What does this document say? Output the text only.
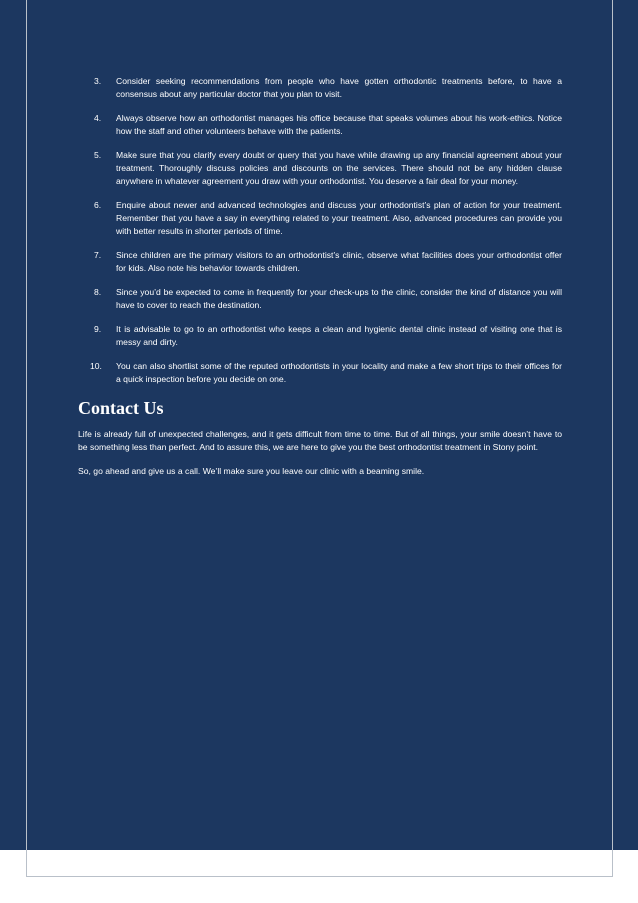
3. Consider seeking recommendations from people who have gotten orthodontic treatments before, to have a consensus about any particular doctor that you plan to visit.
4. Always observe how an orthodontist manages his office because that speaks volumes about his work-ethics. Notice how the staff and other volunteers behave with the patients.
5. Make sure that you clarify every doubt or query that you have while drawing up any financial agreement about your treatment. Thoroughly discuss policies and discounts on the services. There should not be any hidden clause anywhere in whatever agreement you draw with your orthodontist. You deserve a fair deal for your money.
6. Enquire about newer and advanced technologies and discuss your orthodontist’s plan of action for your treatment. Remember that you have a say in everything related to your treatment. Also, advanced procedures can provide you with better results in shorter periods of time.
7. Since children are the primary visitors to an orthodontist’s clinic, observe what facilities does your orthodontist offer for kids. Also note his behavior towards children.
8. Since you’d be expected to come in frequently for your check-ups to the clinic, consider the kind of distance you will have to cover to reach the destination.
9. It is advisable to go to an orthodontist who keeps a clean and hygienic dental clinic instead of visiting one that is messy and dirty.
10. You can also shortlist some of the reputed orthodontists in your locality and make a few short trips to their offices for a quick inspection before you decide on one.
Contact Us

Life is already full of unexpected challenges, and it gets difficult from time to time. But of all things, your smile doesn’t have to be something less than perfect. And to assure this, we are here to give you the best orthodontist treatment in Stony point.

So, go ahead and give us a call. We’ll make sure you leave our clinic with a beaming smile.
